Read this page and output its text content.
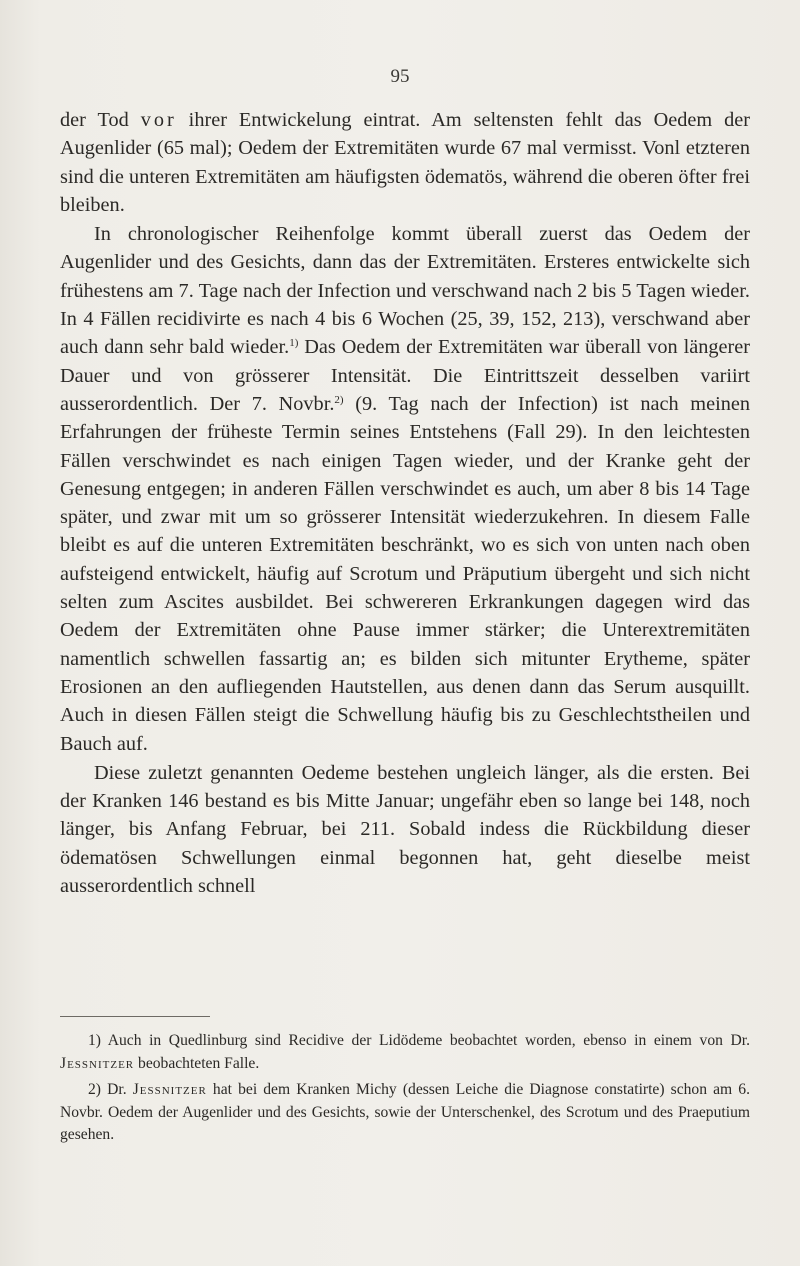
95

der Tod vor ihrer Entwickelung eintrat. Am seltensten fehlt das Oedem der Augenlider (65 mal); Oedem der Extremitäten wurde 67 mal vermisst. Vonl etzteren sind die unteren Extremitäten am häufigsten ödematös, während die oberen öfter frei bleiben.

In chronologischer Reihenfolge kommt überall zuerst das Oedem der Augenlider und des Gesichts, dann das der Extremitäten. Ersteres entwickelte sich frühestens am 7. Tage nach der Infection und verschwand nach 2 bis 5 Tagen wieder. In 4 Fällen recidivirte es nach 4 bis 6 Wochen (25, 39, 152, 213), verschwand aber auch dann sehr bald wieder.$^{1)}$ Das Oedem der Extremitäten war überall von längerer Dauer und von grösserer Intensität. Die Eintrittszeit desselben variirt ausserordentlich. Der 7. Novbr.$^{2)}$ (9. Tag nach der Infection) ist nach meinen Erfahrungen der früheste Termin seines Entstehens (Fall 29). In den leichtesten Fällen verschwindet es nach einigen Tagen wieder, und der Kranke geht der Genesung entgegen; in anderen Fällen verschwindet es auch, um aber 8 bis 14 Tage später, und zwar mit um so grösserer Intensität wiederzukehren. In diesem Falle bleibt es auf die unteren Extremitäten beschränkt, wo es sich von unten nach oben aufsteigend entwickelt, häufig auf Scrotum und Präputium übergeht und sich nicht selten zum Ascites ausbildet. Bei schwereren Erkrankungen dagegen wird das Oedem der Extremitäten ohne Pause immer stärker; die Unterextremitäten namentlich schwellen fassartig an; es bilden sich mitunter Erytheme, später Erosionen an den aufliegenden Hautstellen, aus denen dann das Serum ausquillt. Auch in diesen Fällen steigt die Schwellung häufig bis zu Geschlechtstheilen und Bauch auf.

Diese zuletzt genannten Oedeme bestehen ungleich länger, als die ersten. Bei der Kranken 146 bestand es bis Mitte Januar; ungefähr eben so lange bei 148, noch länger, bis Anfang Februar, bei 211. Sobald indess die Rückbildung dieser ödematösen Schwellungen einmal begonnen hat, geht dieselbe meist ausserordentlich schnell

1) Auch in Quedlinburg sind Recidive der Lidödeme beobachtet worden, ebenso in einem von Dr. Jessnitzer beobachteten Falle.

2) Dr. Jessnitzer hat bei dem Kranken Michy (dessen Leiche die Diagnose constatirte) schon am 6. Novbr. Oedem der Augenlider und des Gesichts, sowie der Unterschenkel, des Scrotum und des Praeputium gesehen.
